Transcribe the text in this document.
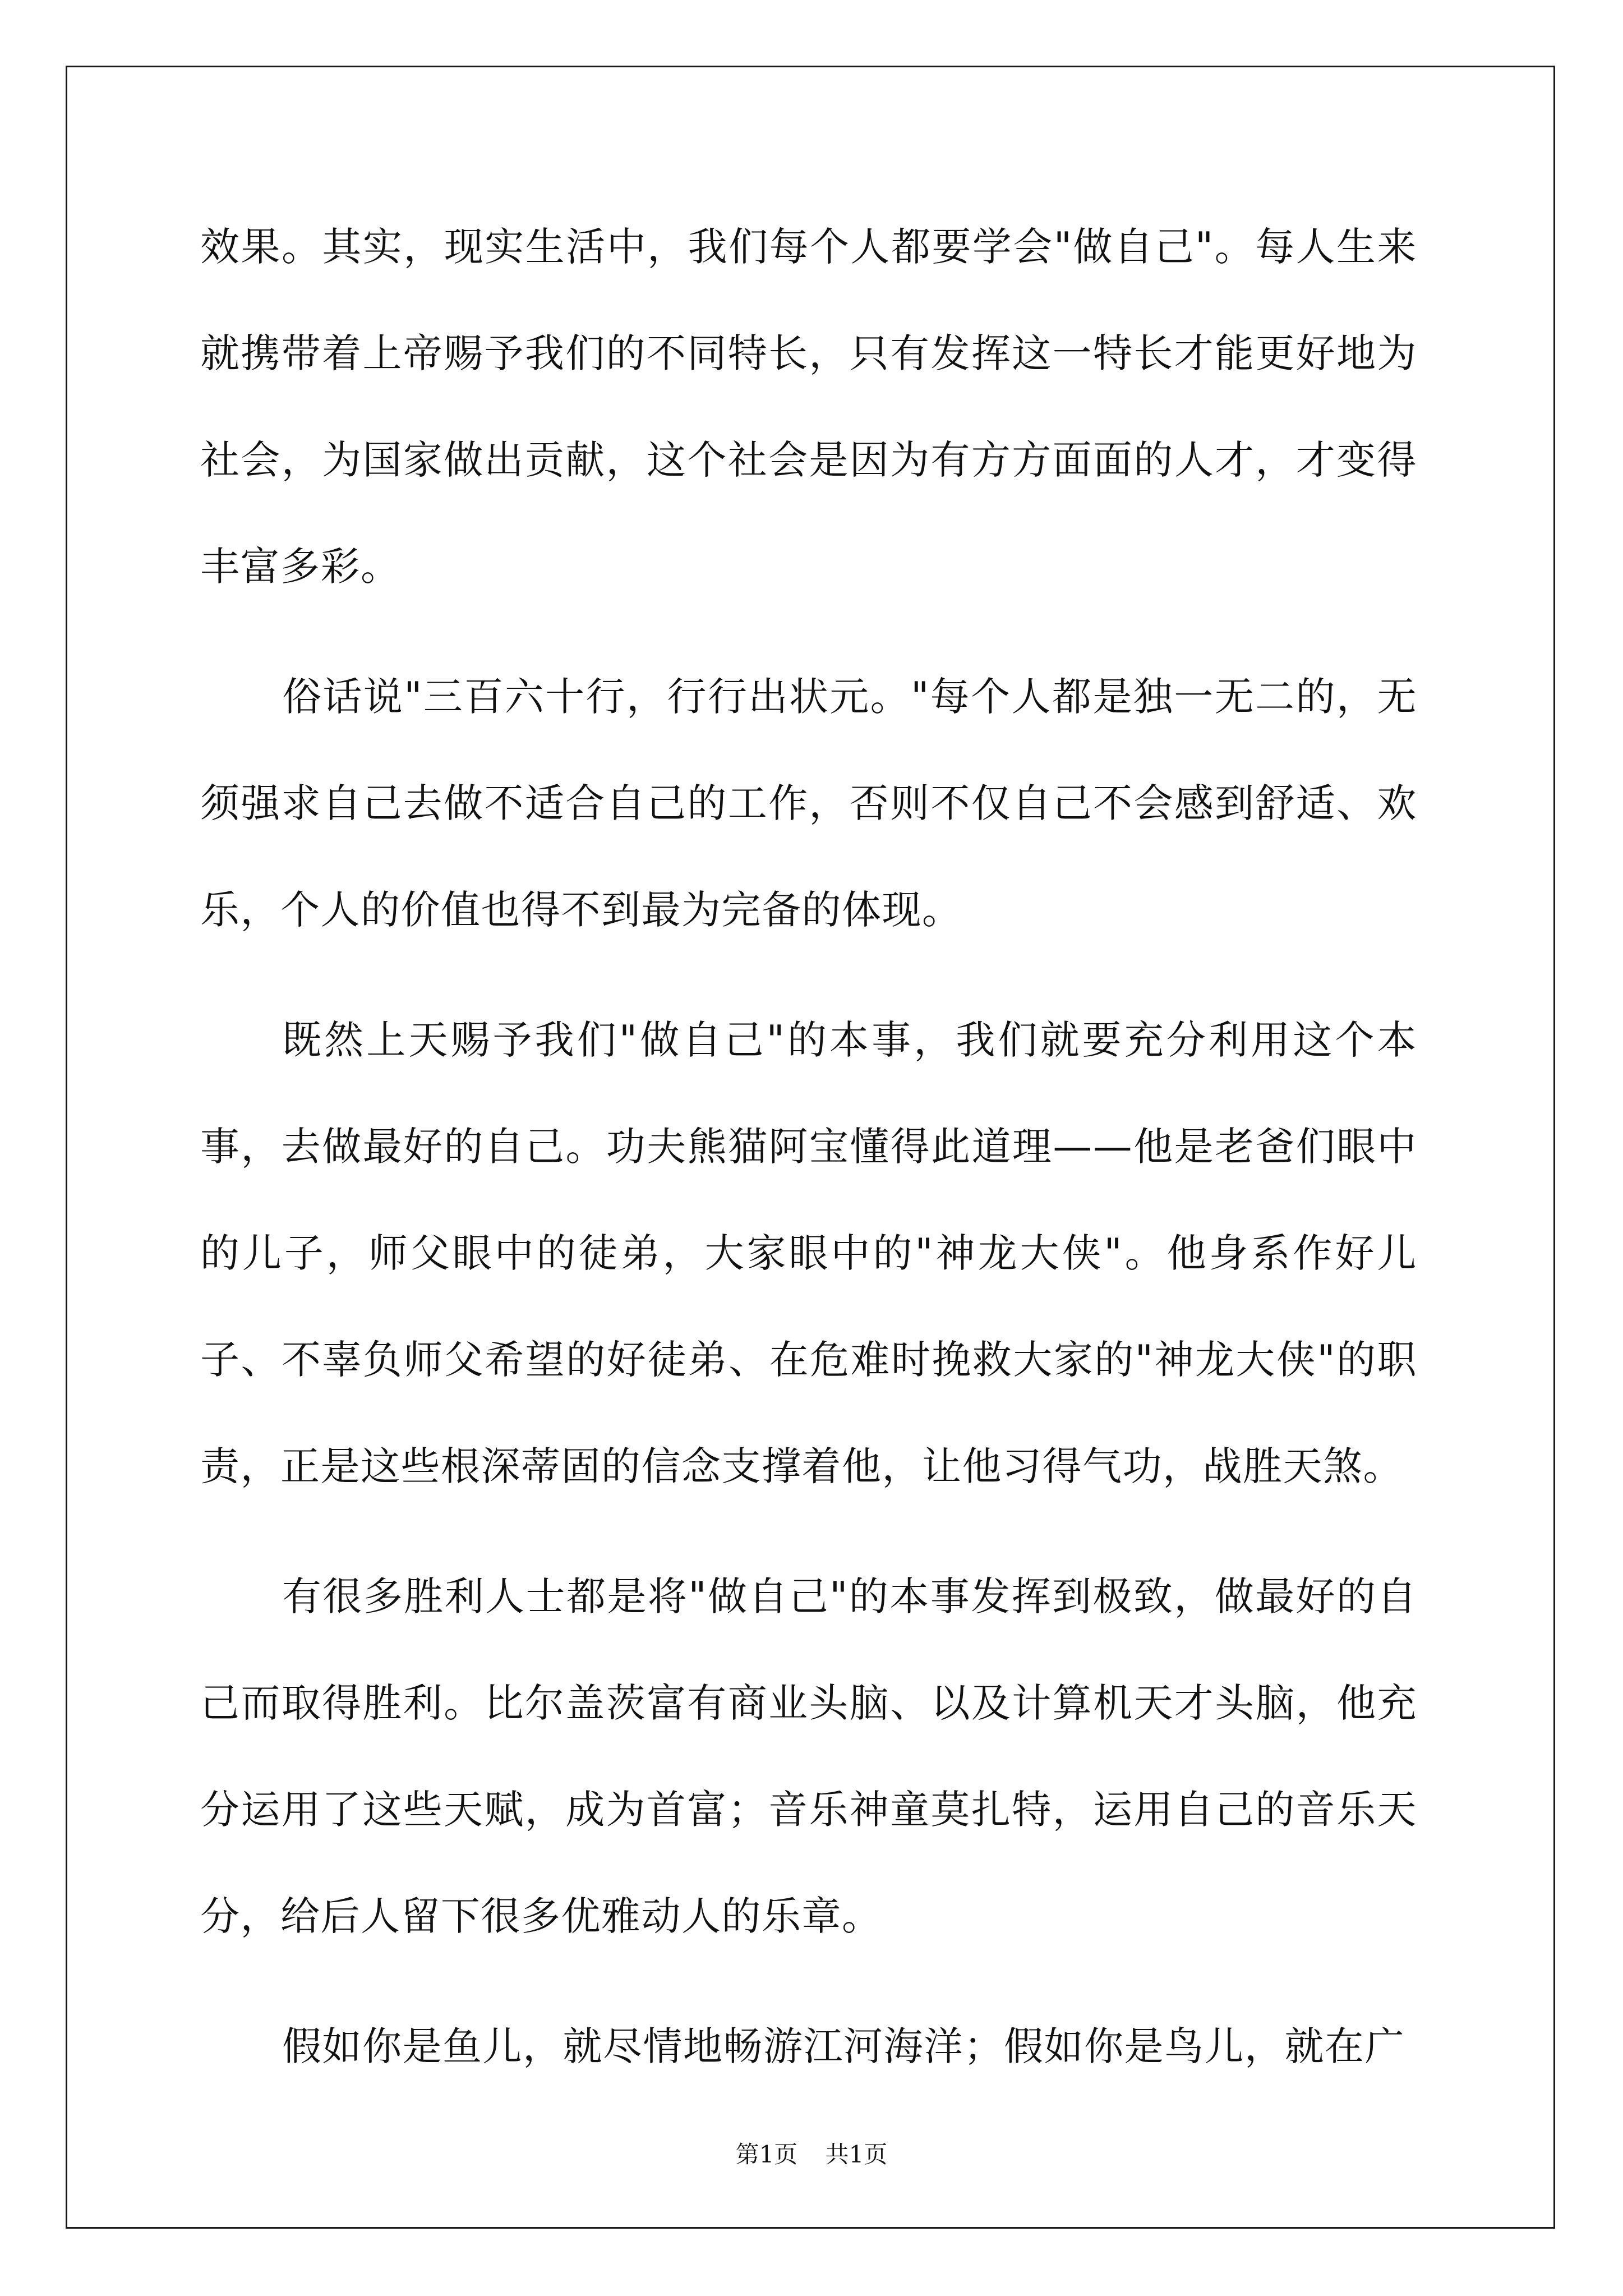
效果。其实，现实生活中，我们每个人都要学会"做自己"。每人生来就携带着上帝赐予我们的不同特长，只有发挥这一特长才能更好地为社会，为国家做出贡献，这个社会是因为有方方面面的人才，才变得丰富多彩。

俗话说"三百六十行，行行出状元。"每个人都是独一无二的，无须强求自己去做不适合自己的工作，否则不仅自己不会感到舒适、欢乐，个人的价值也得不到最为完备的体现。

既然上天赐予我们"做自己"的本事，我们就要充分利用这个本事，去做最好的自己。功夫熊猫阿宝懂得此道理——他是老爸们眼中的儿子，师父眼中的徒弟，大家眼中的"神龙大侠"。他身系作好儿子、不辜负师父希望的好徒弟、在危难时挽救大家的"神龙大侠"的职责，正是这些根深蒂固的信念支撑着他，让他习得气功，战胜天煞。

有很多胜利人士都是将"做自己"的本事发挥到极致，做最好的自己而取得胜利。比尔盖茨富有商业头脑、以及计算机天才头脑，他充分运用了这些天赋，成为首富；音乐神童莫扎特，运用自己的音乐天分，给后人留下很多优雅动人的乐章。

假如你是鱼儿，就尽情地畅游江河海洋；假如你是鸟儿，就在广

第1页 共1页
